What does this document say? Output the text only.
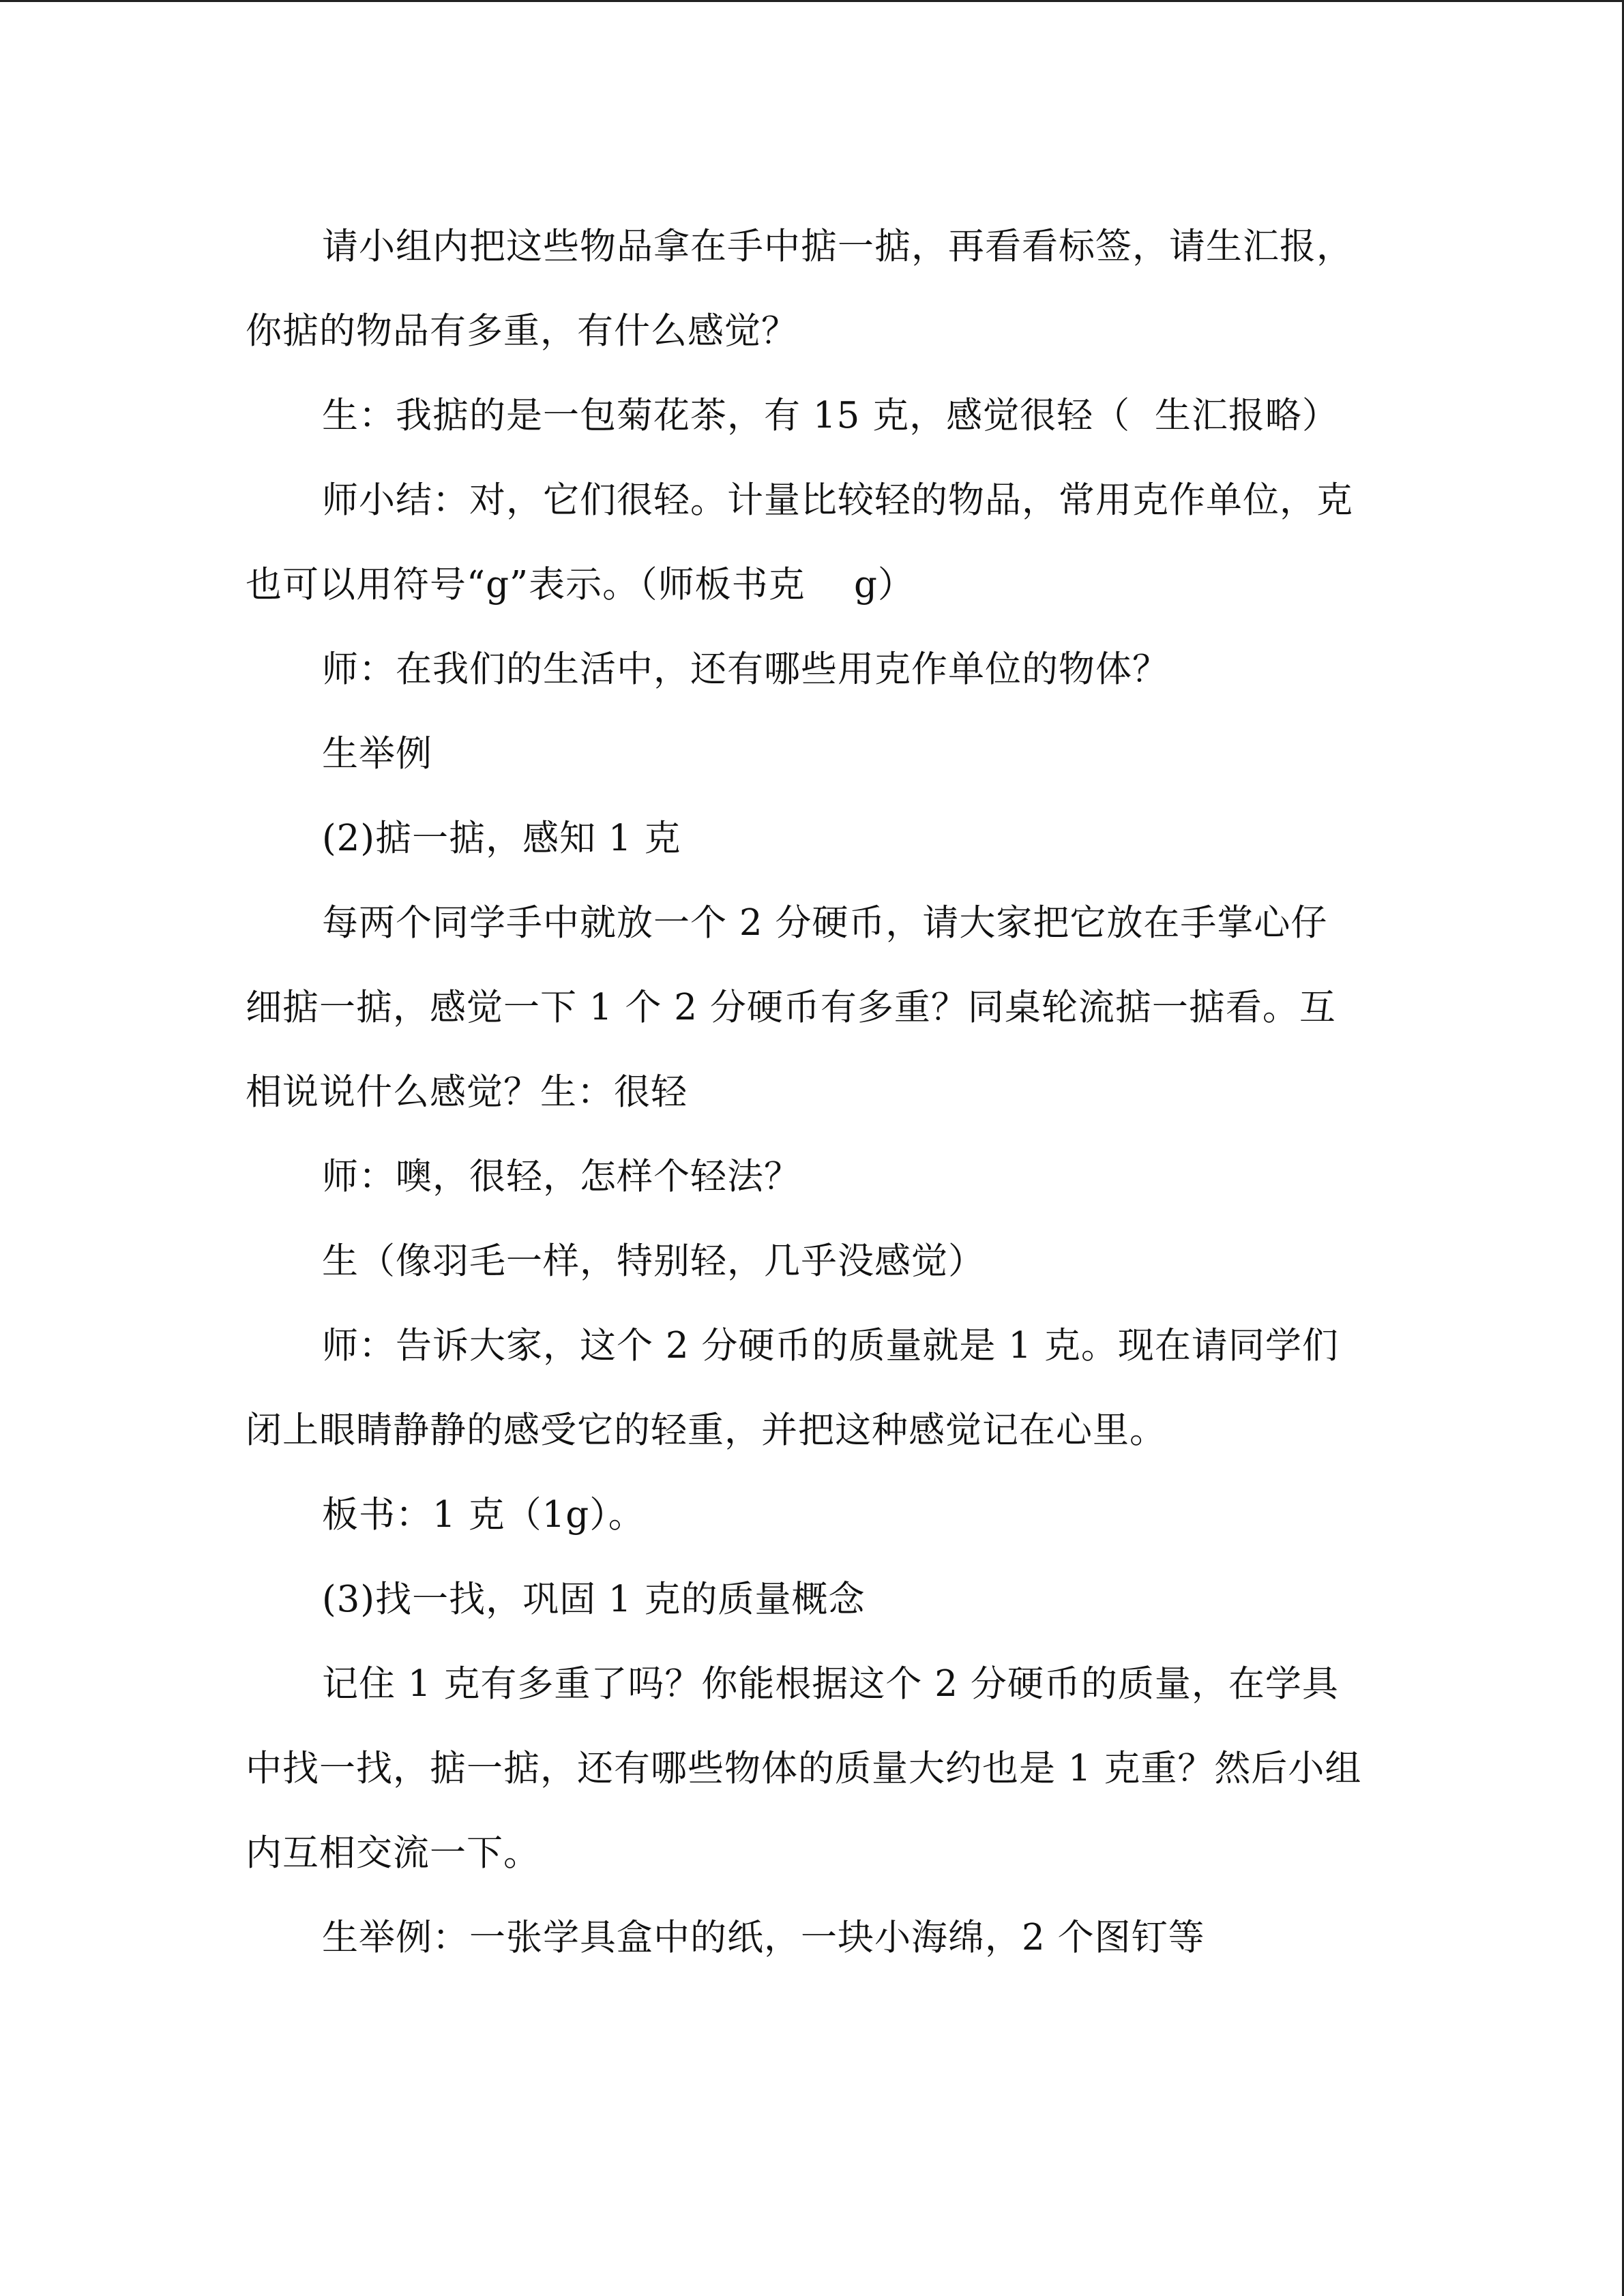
请小组内把这些物品拿在手中掂一掂，再看看标签，请生汇报，你掂的物品有多重，有什么感觉？

生：我掂的是一包菊花茶，有 15 克，感觉很轻（  生汇报略）

师小结：对，它们很轻。计量比较轻的物品，常用克作单位，克也可以用符号“g”表示。（师板书克    g）

师：在我们的生活中，还有哪些用克作单位的物体？

生举例

(2)掂一掂，感知 1 克

每两个同学手中就放一个 2 分硬币，请大家把它放在手掌心仔细掂一掂，感觉一下 1 个 2 分硬币有多重？同桌轮流掂一掂看。互相说说什么感觉？生：很轻

师：噢，很轻，怎样个轻法？

生（像羽毛一样，特别轻，几乎没感觉）

师：告诉大家，这个 2 分硬币的质量就是 1 克。现在请同学们闭上眼睛静静的感受它的轻重，并把这种感觉记在心里。

板书：1 克（1g）。

(3)找一找，巩固 1 克的质量概念

记住 1 克有多重了吗？你能根据这个 2 分硬币的质量，在学具中找一找，掂一掂，还有哪些物体的质量大约也是 1 克重？然后小组内互相交流一下。

生举例：一张学具盒中的纸，一块小海绵，2 个图钉等
